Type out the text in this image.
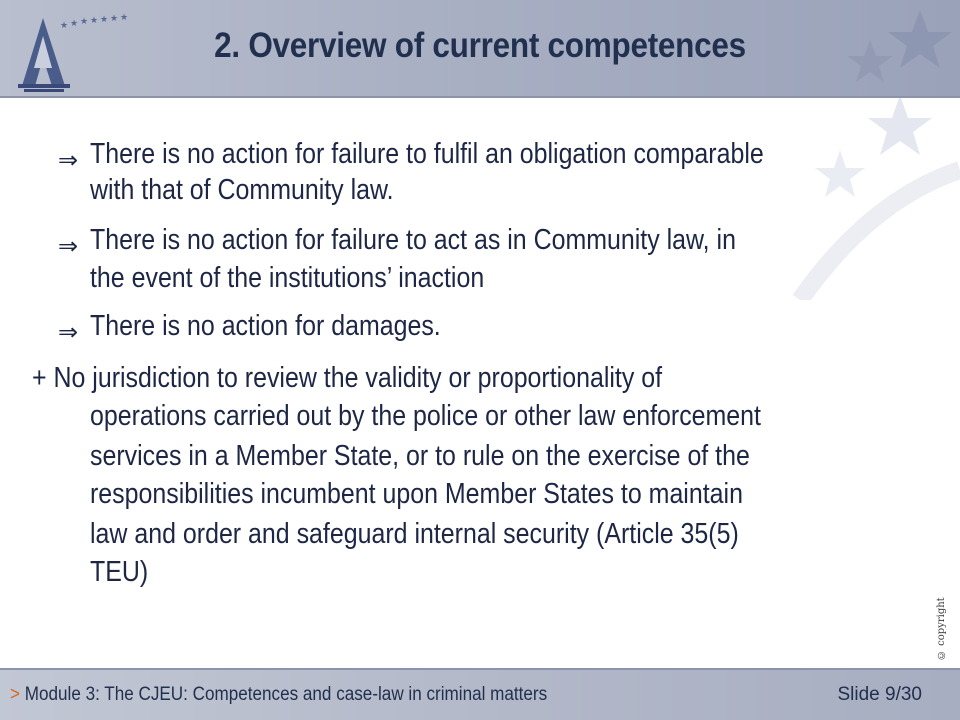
★ ★ ★ ★ ★ ★ ★
2. Overview of current competences
⇒ There is no action for failure to fulfil an obligation comparable
with that of Community law.
⇒ There is no action for failure to act as in Community law, in
the event of the institutions’ inaction
⇒ There is no action for damages.
+ No jurisdiction to review the validity or proportionality of
operations carried out by the police or other law enforcement
services in a Member State, or to rule on the exercise of the
responsibilities incumbent upon Member States to maintain
law and order and safeguard internal security (Article 35(5)
TEU)
© copyright
> Module 3: The CJEU: Competences and case-law in criminal matters	Slide 9/30
